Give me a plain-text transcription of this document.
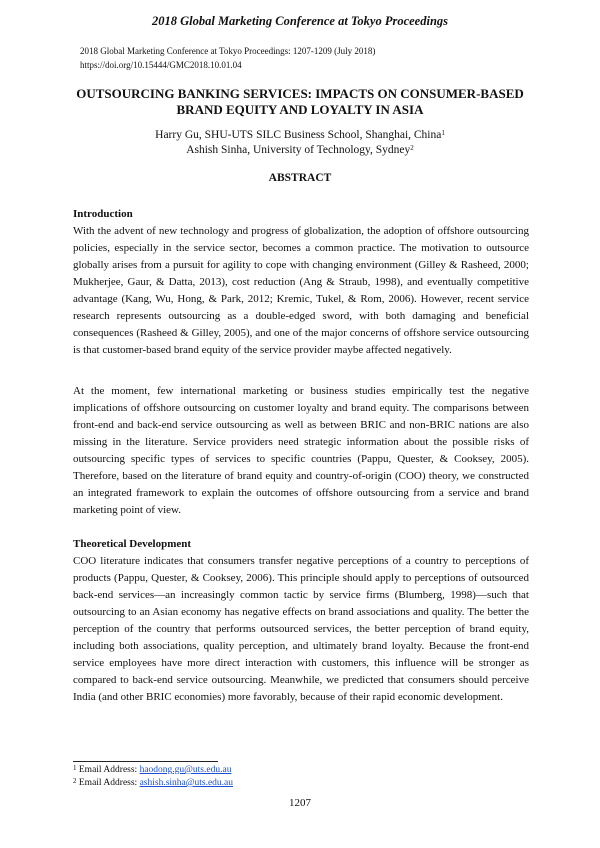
2018 Global Marketing Conference at Tokyo Proceedings
2018 Global Marketing Conference at Tokyo Proceedings: 1207-1209 (July 2018)
https://doi.org/10.15444/GMC2018.10.01.04
OUTSOURCING BANKING SERVICES: IMPACTS ON CONSUMER-BASED BRAND EQUITY AND LOYALTY IN ASIA
Harry Gu, SHU-UTS SILC Business School, Shanghai, China$^1$
Ashish Sinha, University of Technology, Sydney$^2$
ABSTRACT
Introduction

With the advent of new technology and progress of globalization, the adoption of offshore outsourcing policies, especially in the service sector, becomes a common practice. The motivation to outsource globally arises from a pursuit for agility to cope with changing environment (Gilley & Rasheed, 2000; Mukherjee, Gaur, & Datta, 2013), cost reduction (Ang & Straub, 1998), and eventually competitive advantage (Kang, Wu, Hong, & Park, 2012; Kremic, Tukel, & Rom, 2006). However, recent service research represents outsourcing as a double-edged sword, with both damaging and beneficial consequences (Rasheed & Gilley, 2005), and one of the major concerns of offshore service outsourcing is that customer-based brand equity of the service provider maybe affected negatively.

At the moment, few international marketing or business studies empirically test the negative implications of offshore outsourcing on customer loyalty and brand equity. The comparisons between front-end and back-end service outsourcing as well as between BRIC and non-BRIC nations are also missing in the literature. Service providers need strategic information about the possible risks of outsourcing specific types of services to specific countries (Pappu, Quester, & Cooksey, 2005). Therefore, based on the literature of brand equity and country-of-origin (COO) theory, we constructed an integrated framework to explain the outcomes of offshore outsourcing from a service and brand marketing point of view.

Theoretical Development

COO literature indicates that consumers transfer negative perceptions of a country to perceptions of products (Pappu, Quester, & Cooksey, 2006). This principle should apply to perceptions of outsourced back-end services—an increasingly common tactic by service firms (Blumberg, 1998)—such that outsourcing to an Asian economy has negative effects on brand associations and quality. The better the perception of the country that performs outsourced services, the better perception of brand equity, including both associations, quality perception, and ultimately brand loyalty. Because the front-end service employees have more direct interaction with customers, this influence will be stronger as compared to back-end service outsourcing. Meanwhile, we predicted that consumers should perceive India (and other BRIC economies) more favorably, because of their rapid economic development.

$^1$ Email Address: haodong.gu@uts.edu.au
$^2$ Email Address: ashish.sinha@uts.edu.au
1207
